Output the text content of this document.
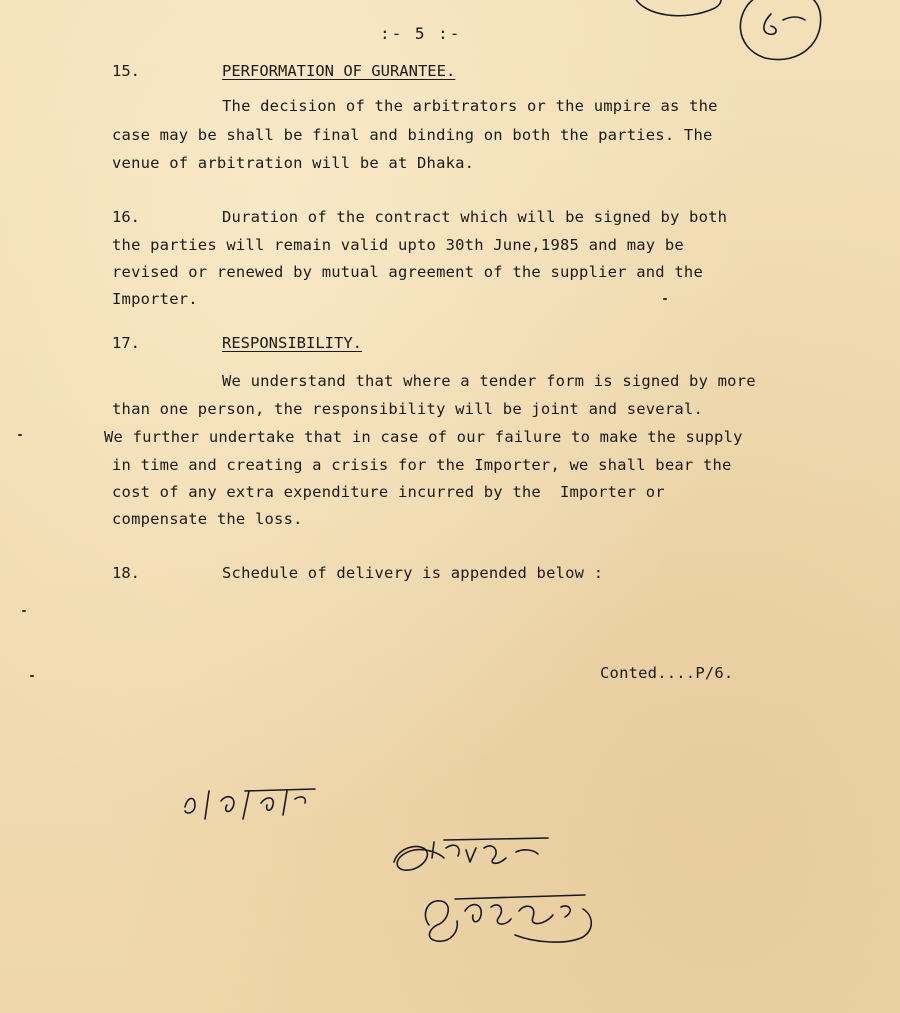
:- 5 :-
15.	PERFORMATION OF GURANTEE.
The decision of the arbitrators or the umpire as the
case may be shall be final and binding on both the parties. The
venue of arbitration will be at Dhaka.
16.	Duration of the contract which will be signed by both
the parties will remain valid upto 30th June,1985 and may be
revised or renewed by mutual agreement of the supplier and the
Importer.
17.	RESPONSIBILITY.
We understand that where a tender form is signed by more
than one person, the responsibility will be joint and several.
We further undertake that in case of our failure to make the supply
in time and creating a crisis for the Importer, we shall bear the
cost of any extra expenditure incurred by the  Importer or
compensate the loss.
18.	Schedule of delivery is appended below :
Conted....P/6.
